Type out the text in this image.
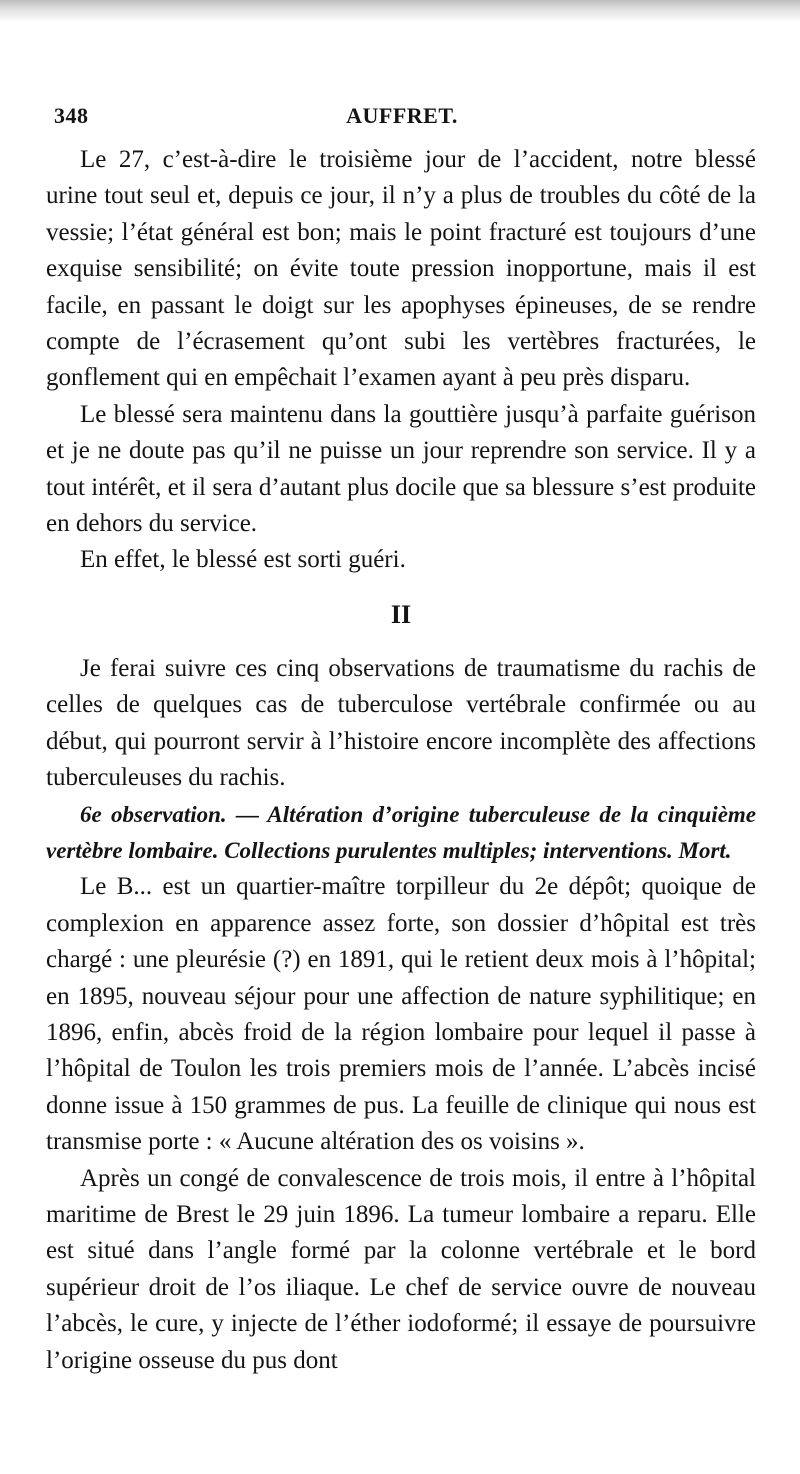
348	AUFFRET.

Le 27, c’est-à-dire le troisième jour de l’accident, notre blessé urine tout seul et, depuis ce jour, il n’y a plus de troubles du côté de la vessie; l’état général est bon; mais le point fracturé est toujours d’une exquise sensibilité; on évite toute pression inopportune, mais il est facile, en passant le doigt sur les apophyses épineuses, de se rendre compte de l’écrasement qu’ont subi les vertèbres fracturées, le gonflement qui en empêchait l’examen ayant à peu près disparu.

Le blessé sera maintenu dans la gouttière jusqu’à parfaite guérison et je ne doute pas qu’il ne puisse un jour reprendre son service. Il y a tout intérêt, et il sera d’autant plus docile que sa blessure s’est produite en dehors du service.

En effet, le blessé est sorti guéri.

II

Je ferai suivre ces cinq observations de traumatisme du rachis de celles de quelques cas de tuberculose vertébrale confirmée ou au début, qui pourront servir à l’histoire encore incomplète des affections tuberculeuses du rachis.

6e observation. — Altération d’origine tuberculeuse de la cinquième vertèbre lombaire. Collections purulentes multiples; interventions. Mort.

Le B... est un quartier-maître torpilleur du 2e dépôt; quoique de complexion en apparence assez forte, son dossier d’hôpital est très chargé : une pleurésie (?) en 1891, qui le retient deux mois à l’hôpital; en 1895, nouveau séjour pour une affection de nature syphilitique; en 1896, enfin, abcès froid de la région lombaire pour lequel il passe à l’hôpital de Toulon les trois premiers mois de l’année. L’abcès incisé donne issue à 150 grammes de pus. La feuille de clinique qui nous est transmise porte : « Aucune altération des os voisins ».

Après un congé de convalescence de trois mois, il entre à l’hôpital maritime de Brest le 29 juin 1896. La tumeur lombaire a reparu. Elle est situé dans l’angle formé par la colonne vertébrale et le bord supérieur droit de l’os iliaque. Le chef de service ouvre de nouveau l’abcès, le cure, y injecte de l’éther iodoformé; il essaye de poursuivre l’origine osseuse du pus dont
